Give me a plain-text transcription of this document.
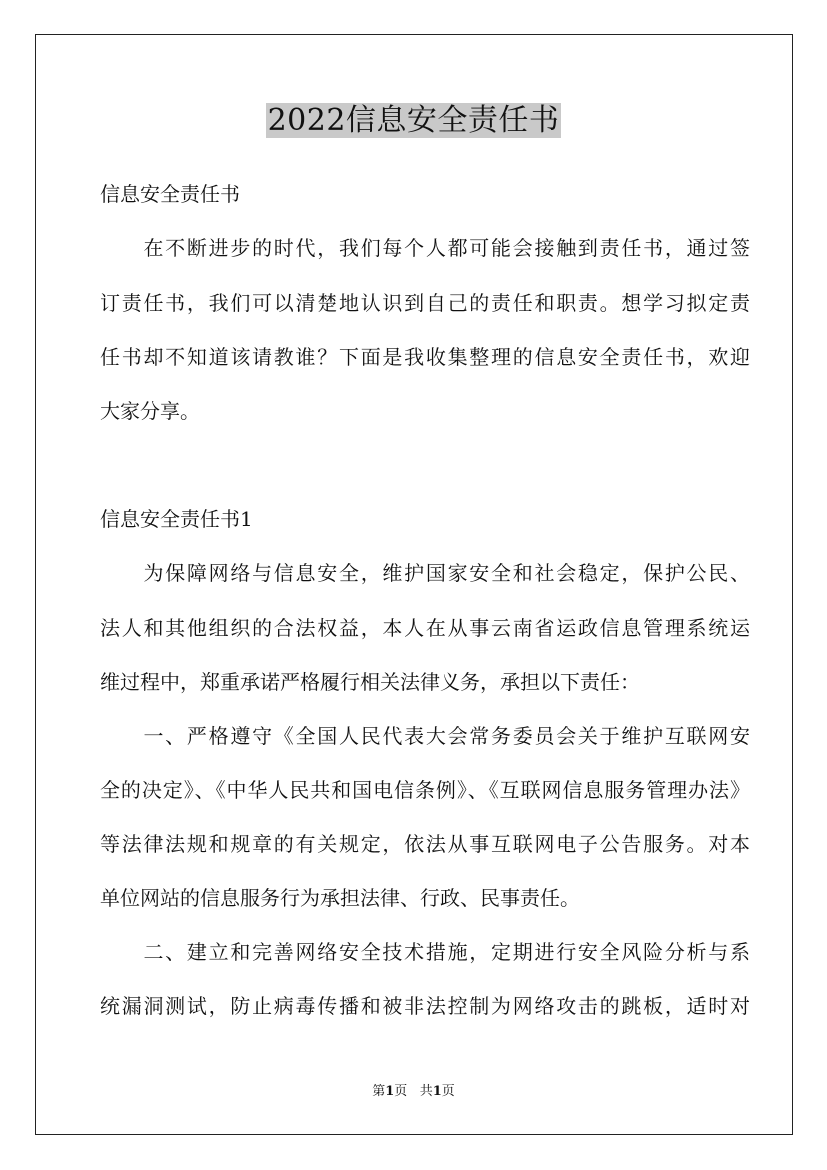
2022信息安全责任书
信息安全责任书
　　在不断进步的时代，我们每个人都可能会接触到责任书，通过签
订责任书，我们可以清楚地认识到自己的责任和职责。想学习拟定责
任书却不知道该请教谁？下面是我收集整理的信息安全责任书，欢迎
大家分享。
信息安全责任书1
　　为保障网络与信息安全，维护国家安全和社会稳定，保护公民、
法人和其他组织的合法权益，本人在从事云南省运政信息管理系统运
维过程中，郑重承诺严格履行相关法律义务，承担以下责任：
　　一、严格遵守《全国人民代表大会常务委员会关于维护互联网安
全的决定》、《中华人民共和国电信条例》、《互联网信息服务管理办法》
等法律法规和规章的有关规定，依法从事互联网电子公告服务。对本
单位网站的信息服务行为承担法律、行政、民事责任。
　　二、建立和完善网络安全技术措施，定期进行安全风险分析与系
统漏洞测试，防止病毒传播和被非法控制为网络攻击的跳板，适时对
第1页 共1页
